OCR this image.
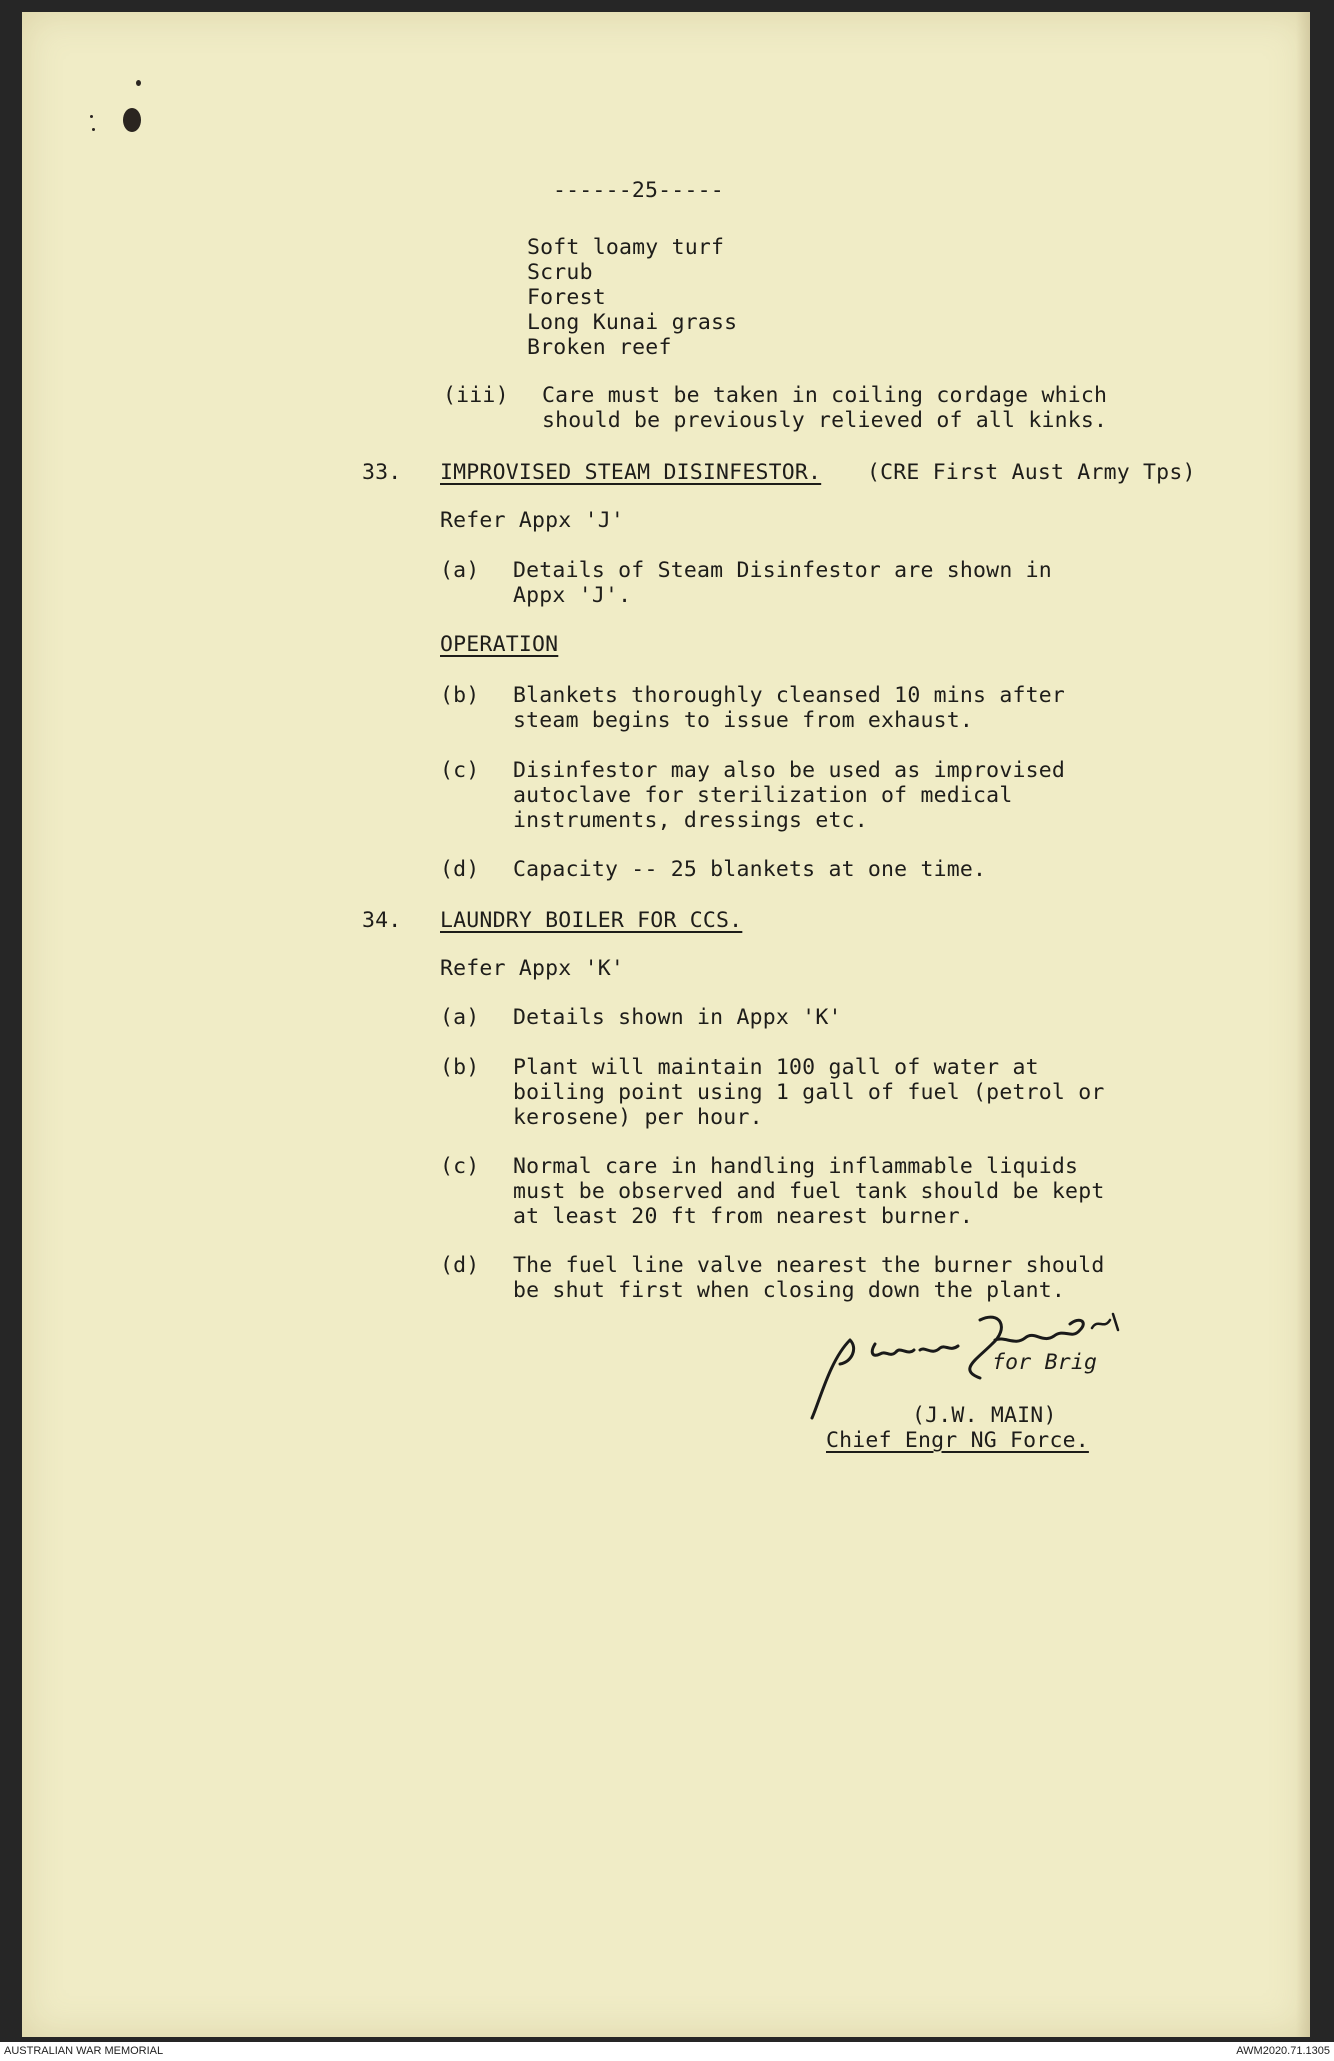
------25-----
Soft loamy turf
Scrub
Forest
Long Kunai grass
Broken reef
(iii) Care must be taken in coiling cordage which
should be previously relieved of all kinks.
33. IMPROVISED STEAM DISINFESTOR. (CRE First Aust Army Tps)
Refer Appx 'J'
(a) Details of Steam Disinfestor are shown in
Appx 'J'.
OPERATION
(b) Blankets thoroughly cleansed 10 mins after
steam begins to issue from exhaust.
(c) Disinfestor may also be used as improvised
autoclave for sterilization of medical
instruments, dressings etc.
(d) Capacity -- 25 blankets at one time.
34. LAUNDRY BOILER FOR CCS.
Refer Appx 'K'
(a) Details shown in Appx 'K'
(b) Plant will maintain 100 gall of water at
boiling point using 1 gall of fuel (petrol or
kerosene) per hour.
(c) Normal care in handling inflammable liquids
must be observed and fuel tank should be kept
at least 20 ft from nearest burner.
(d) The fuel line valve nearest the burner should
be shut first when closing down the plant.
for Brig
(J.W. MAIN)
Chief Engr NG Force.
AUSTRALIAN WAR MEMORIAL	AWM2020.71.1305
